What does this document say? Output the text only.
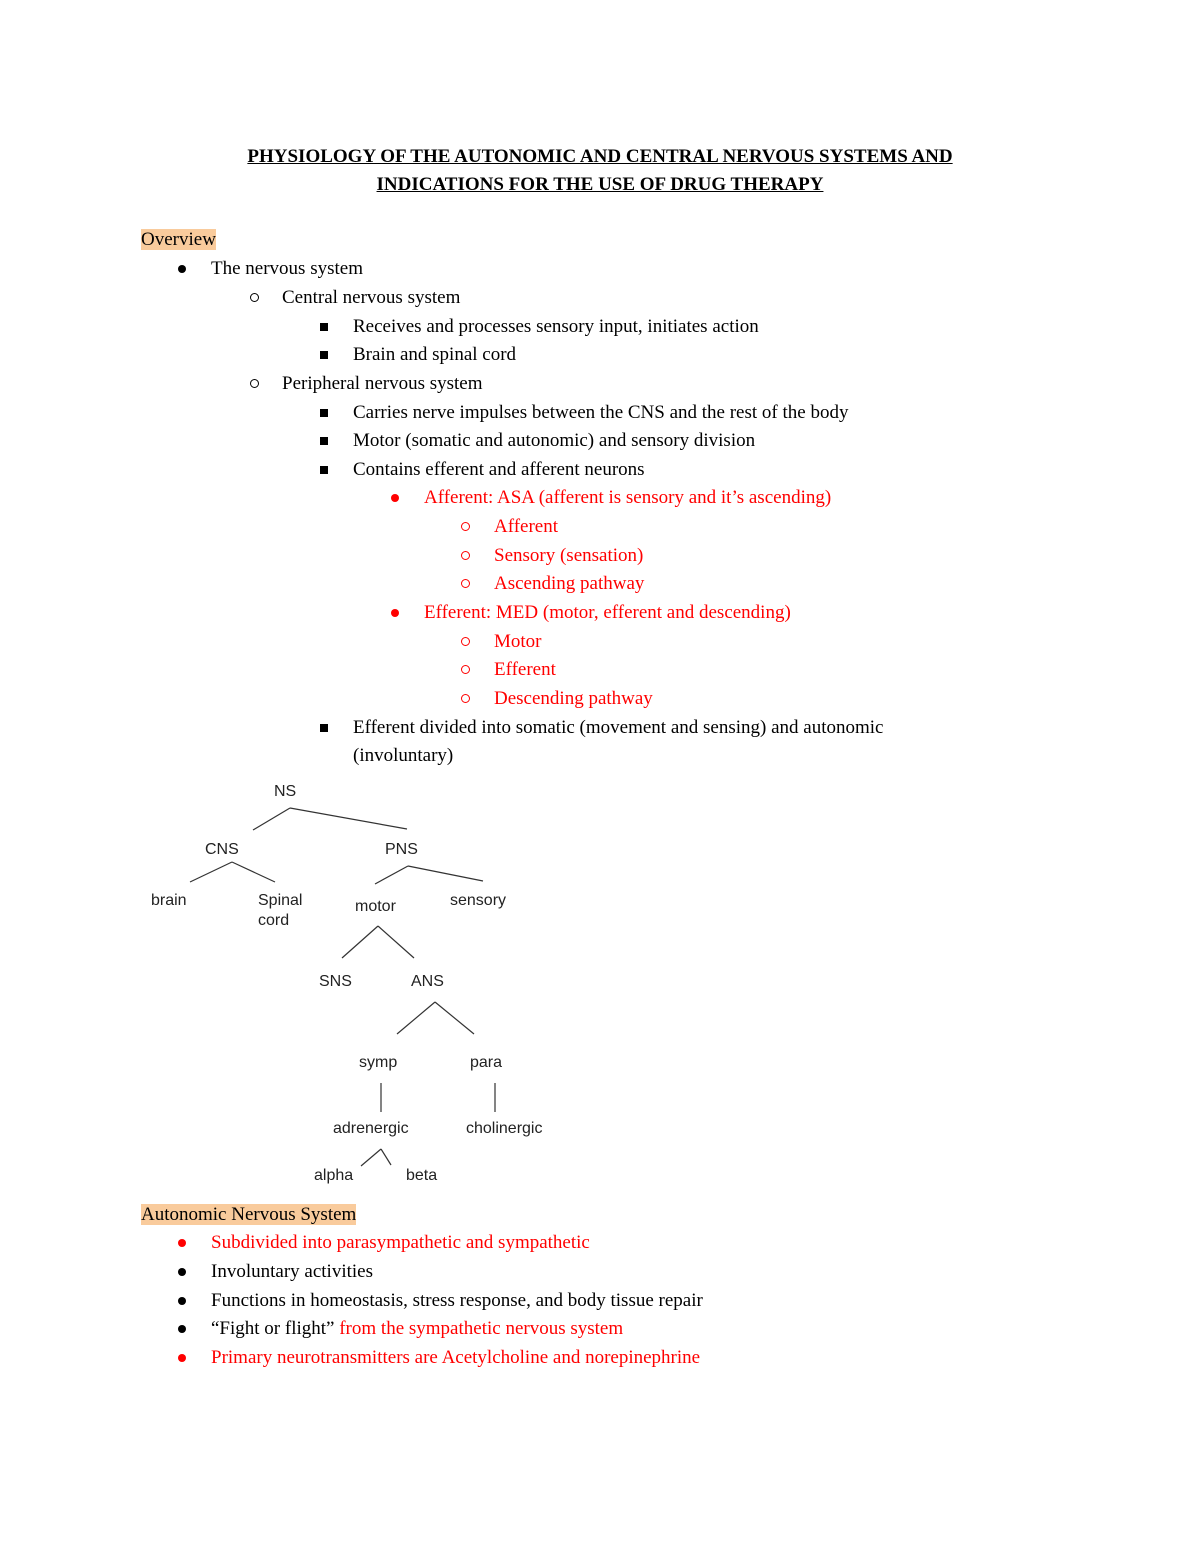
PHYSIOLOGY OF THE AUTONOMIC AND CENTRAL NERVOUS SYSTEMS AND
INDICATIONS FOR THE USE OF DRUG THERAPY
Overview
The nervous system
Central nervous system
Receives and processes sensory input, initiates action
Brain and spinal cord
Peripheral nervous system
Carries nerve impulses between the CNS and the rest of the body
Motor (somatic and autonomic) and sensory division
Contains efferent and afferent neurons
Afferent: ASA (afferent is sensory and it’s ascending)
Afferent
Sensory (sensation)
Ascending pathway
Efferent: MED (motor, efferent and descending)
Motor
Efferent
Descending pathway
Efferent divided into somatic (movement and sensing) and autonomic
(involuntary)
NS
CNS	PNS
brain	Spinal
cord
motor	sensory
SNS	ANS
symp	para
adrenergic	cholinergic
alpha	beta
Autonomic Nervous System
Subdivided into parasympathetic and sympathetic
Involuntary activities
Functions in homeostasis, stress response, and body tissue repair
“Fight or flight” from the sympathetic nervous system
Primary neurotransmitters are Acetylcholine and norepinephrine
